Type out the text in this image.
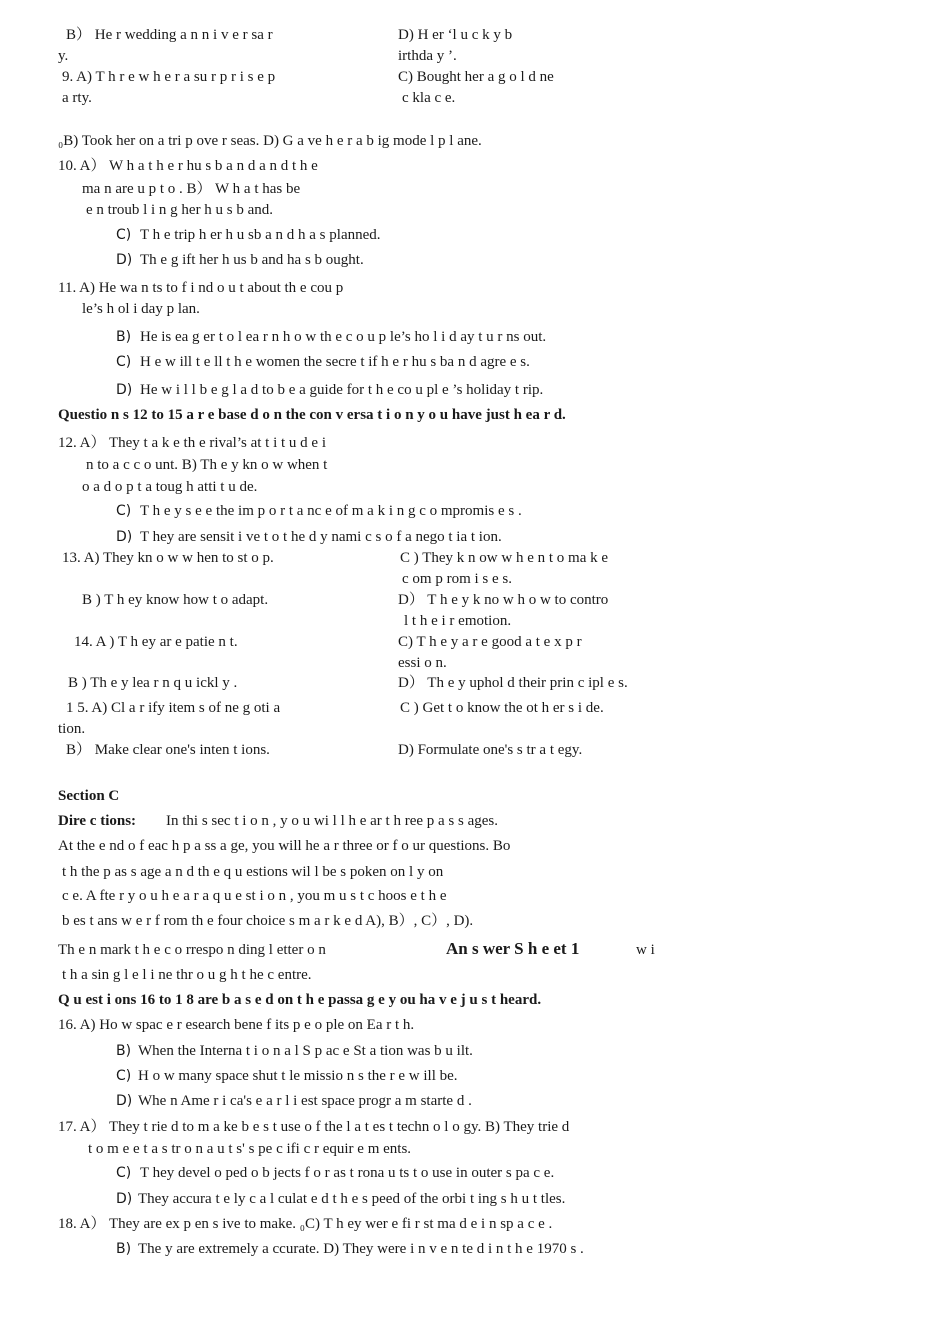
B） He r wedding a n n i v e r sa r	D) H er ‘l u c k y b
y.	irthda y ’.
9. A) T h r e w h e r a su r p r i s e p	C) Bought her a g o l d ne
a rty.	c kla c e.
₀B) Took her on a tri p ove r seas. D) G a ve h e r a b ig mode l p l ane.
10. A） W h a t h e r hu s b a n d a n d t h e
ma n are u p t o . B） W h a t has be
e n troub l i n g her h u s b and.
C) T h e trip h er h u sb a n d h a s planned.
D) Th e g ift her h us b and ha s b ought.
11. A) He wa n ts to f i nd o u t about th e cou p
le’s h ol i day p lan.
B) He is ea g er t o l ea r n h o w th e c o u p le’s ho l i d ay t u r ns out.
C) H e w ill t e ll t h e women the secre t if h e r hu s ba n d agre e s.
D) He w i l l b e g l a d to b e a guide for t h e co u pl e ’s holiday t rip.
Questio n s 12 to 15 a r e base d o n the con v ersa t i o n y o u have just h ea r d.
12. A） They t a k e th e rival’s at t i t u d e i
n to a c c o unt. B) Th e y kn o w when t
o a d o p t a toug h atti t u de.
C) T h e y s e e the im p o r t a nc e of m a k i n g c o mpromis e s .
D) T hey are sensit i ve t o t he d y nami c s o f a nego t ia t ion.
13. A) They kn o w w hen to st o p.	C ) They k n ow w h e n t o ma k e
c om p rom i s e s.
B ) T h ey know how t o adapt.	D） T h e y k no w h o w to contro
l t h e i r emotion.
14. A ) T h ey ar e patie n t.	C) T h e y a r e good a t e x p r
essi o n.
B ) Th e y lea r n q u ickl y .	D） Th e y uphol d their prin c ipl e s.
1 5. A) Cl a r ify item s of ne g oti a	C ) Get t o know the ot h er s i de.
tion.
B） Make clear one's inten t ions.	D) Formulate one's s tr a t egy.
Section C
Dire c tions: In thi s sec t i o n , y o u wi l l h e ar t h ree p a s s ages.
At the e nd o f eac h p a ss a ge, you will he a r three or f o ur questions. Bo
t h the p as s age a n d th e q u estions wil l be s poken on l y on
c e. A fte r y o u h e a r a q u e st i o n , you m u s t c hoos e t h e
b es t ans w e r f rom th e four choice s m a r k e d A), B）, C）, D).
Th e n mark t h e c o rrespo n ding l etter o n	An s wer S h e et 1	w i
t h a sin g l e l i ne thr o u g h t he c entre.
Q u est i ons 16 to 1 8 are b a s e d on t h e passa g e y ou ha v e j u s t heard.
16. A) Ho w spac e r esearch bene f its p e o ple on Ea r t h.
B) When the Interna t i o n a l S p ac e St a tion was b u ilt.
C) H o w many space shut t le missio n s the r e w ill be.
D) Whe n Ame r i ca's e a r l i est space progr a m starte d .
17. A） They t rie d to m a ke b e s t use o f the l a t es t techn o l o gy. B) They trie d
t o m e e t a s tr o n a u t s' s pe c ifi c r equir e m ents.
C) T hey devel o ped o b jects f o r as t rona u ts t o use in outer s pa c e.
D) They accura t e ly c a l culat e d t h e s peed of the orbi t ing s h u t tles.
18. A） They are ex p en s ive to make. ₀C) T h ey wer e fi r st ma d e i n sp a c e .
B) The y are extremely a ccurate. D) They were i n v e n te d i n t h e 1970 s .
